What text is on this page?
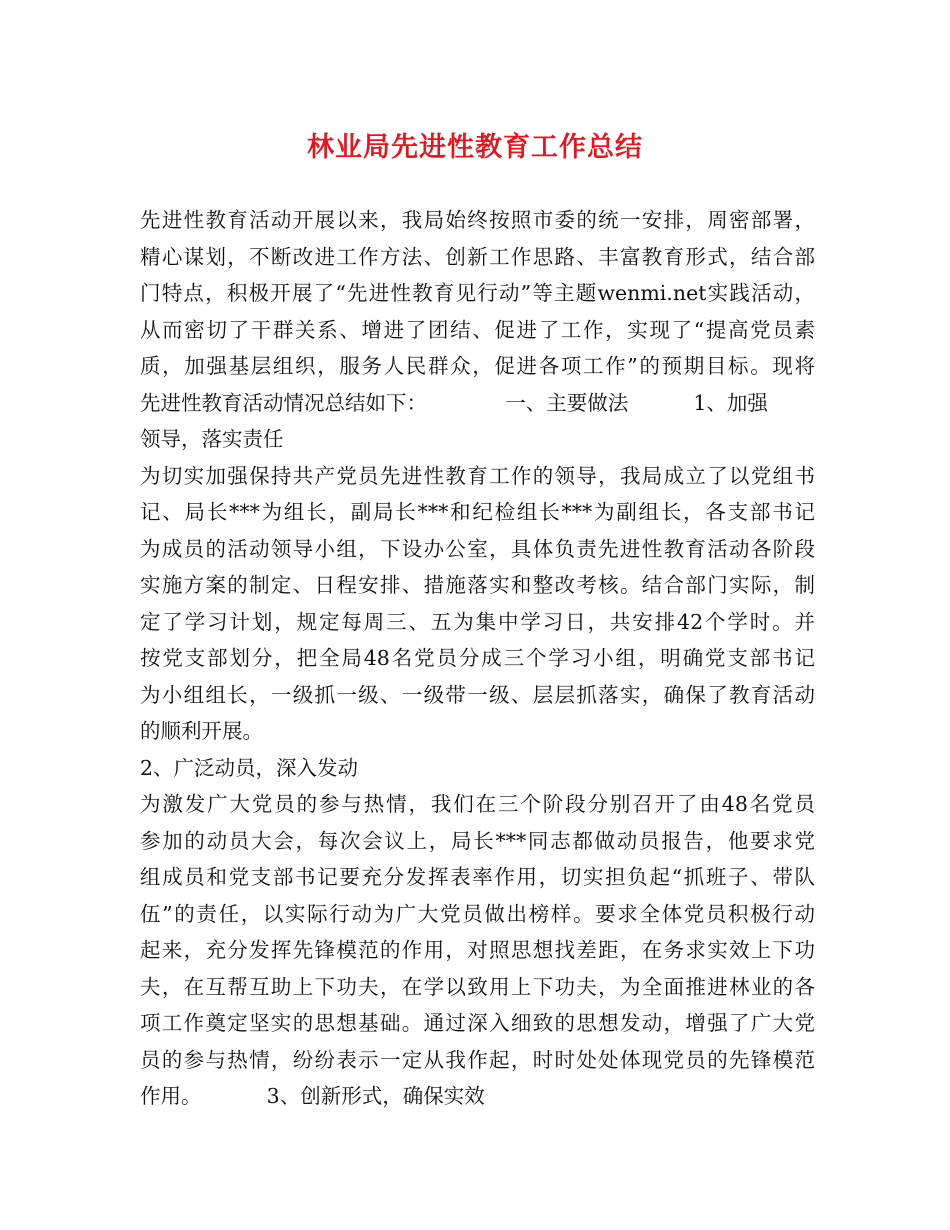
林业局先进性教育工作总结
先进性教育活动开展以来，我局始终按照市委的统一安排，周密部署，
精心谋划，不断改进工作方法、创新工作思路、丰富教育形式，结合部
门特点，积极开展了“先进性教育见行动”等主题wenmi.net实践活动，
从而密切了干群关系、增进了团结、促进了工作，实现了“提高党员素
质，加强基层组织，服务人民群众，促进各项工作”的预期目标。现将
先进性教育活动情况总结如下：            一、主要做法          1、加强
领导，落实责任
为切实加强保持共产党员先进性教育工作的领导，我局成立了以党组书
记、局长***为组长，副局长***和纪检组长***为副组长，各支部书记
为成员的活动领导小组，下设办公室，具体负责先进性教育活动各阶段
实施方案的制定、日程安排、措施落实和整改考核。结合部门实际，制
定了学习计划，规定每周三、五为集中学习日，共安排42个学时。并
按党支部划分，把全局48名党员分成三个学习小组，明确党支部书记
为小组组长，一级抓一级、一级带一级、层层抓落实，确保了教育活动
的顺利开展。
2、广泛动员，深入发动
为激发广大党员的参与热情，我们在三个阶段分别召开了由48名党员
参加的动员大会，每次会议上，局长***同志都做动员报告，他要求党
组成员和党支部书记要充分发挥表率作用，切实担负起“抓班子、带队
伍”的责任，以实际行动为广大党员做出榜样。要求全体党员积极行动
起来，充分发挥先锋模范的作用，对照思想找差距，在务求实效上下功
夫，在互帮互助上下功夫，在学以致用上下功夫，为全面推进林业的各
项工作奠定坚实的思想基础。通过深入细致的思想发动，增强了广大党
员的参与热情，纷纷表示一定从我作起，时时处处体现党员的先锋模范
作用。          3、创新形式，确保实效
